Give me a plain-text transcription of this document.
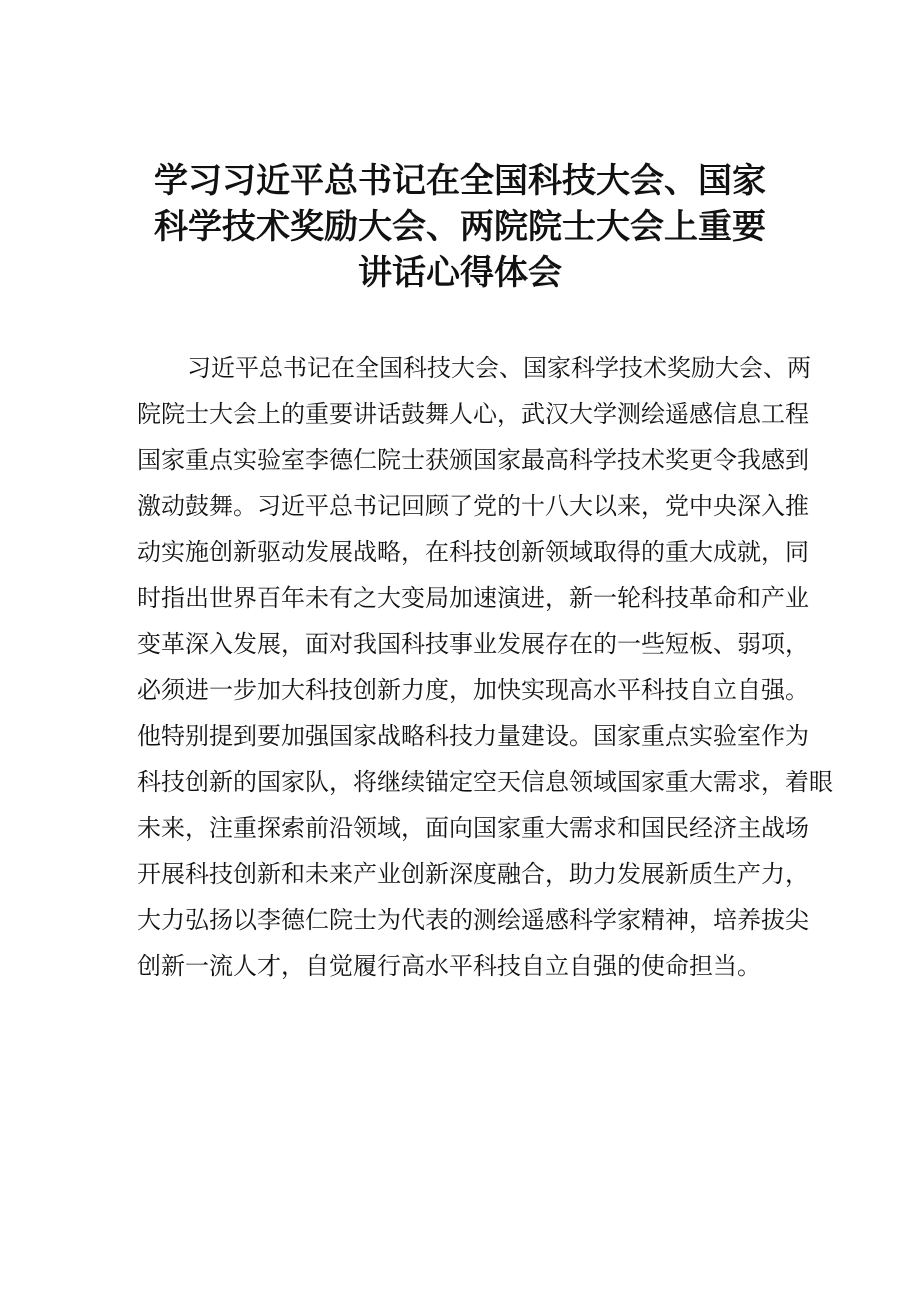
学习习近平总书记在全国科技大会、国家
科学技术奖励大会、两院院士大会上重要
讲话心得体会

习近平总书记在全国科技大会、国家科学技术奖励大会、两
院院士大会上的重要讲话鼓舞人心，武汉大学测绘遥感信息工程
国家重点实验室李德仁院士获颁国家最高科学技术奖更令我感到
激动鼓舞。习近平总书记回顾了党的十八大以来，党中央深入推
动实施创新驱动发展战略，在科技创新领域取得的重大成就，同
时指出世界百年未有之大变局加速演进，新一轮科技革命和产业
变革深入发展，面对我国科技事业发展存在的一些短板、弱项，
必须进一步加大科技创新力度，加快实现高水平科技自立自强。
他特别提到要加强国家战略科技力量建设。国家重点实验室作为
科技创新的国家队，将继续锚定空天信息领域国家重大需求，着眼
未来，注重探索前沿领域，面向国家重大需求和国民经济主战场
开展科技创新和未来产业创新深度融合，助力发展新质生产力，
大力弘扬以李德仁院士为代表的测绘遥感科学家精神，培养拔尖
创新一流人才，自觉履行高水平科技自立自强的使命担当。
